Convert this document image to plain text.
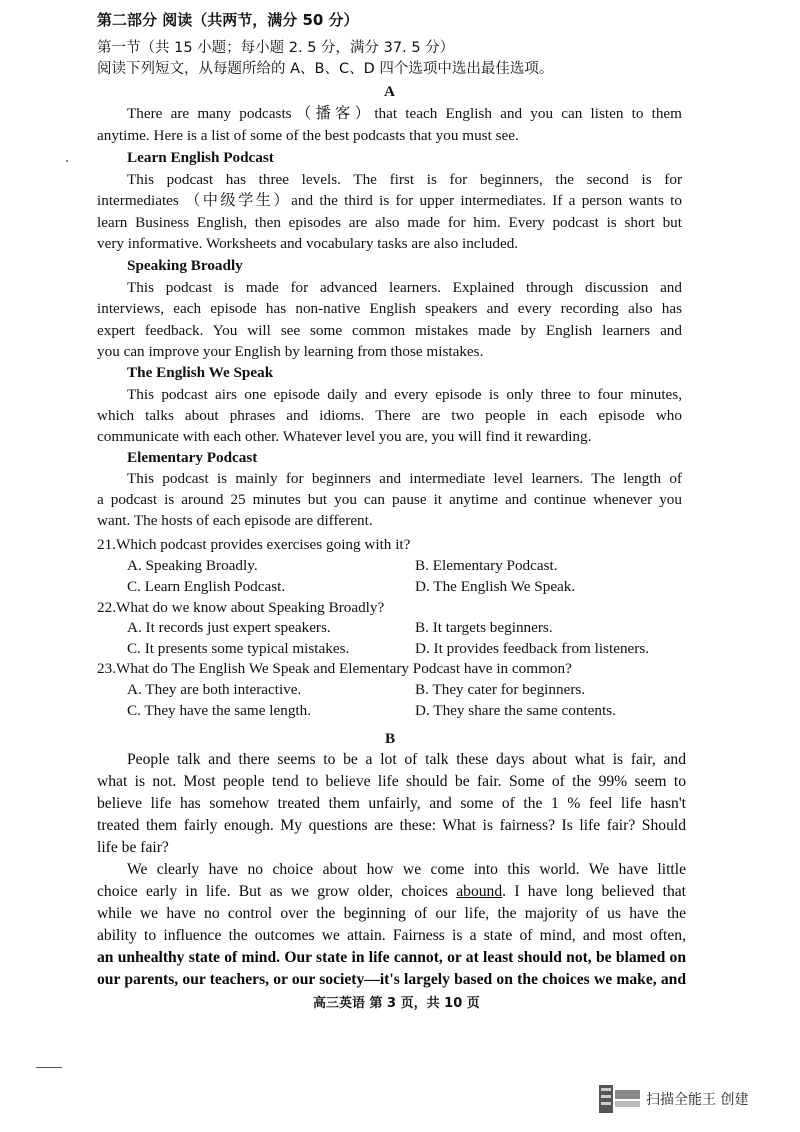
第二部分 阅读（共两节，满分 50 分）
第一节（共 15 小题；每小题 2. 5 分，满分 37. 5 分）
阅读下列短文，从每题所给的 A、B、C、D 四个选项中选出最佳选项。
A
There are many podcasts（播客）that teach English and you can listen to them
anytime. Here is a list of some of the best podcasts that you must see.
Learn English Podcast
This podcast has three levels. The first is for beginners, the second is for
intermediates （中级学生）and the third is for upper intermediates. If a person wants to
learn Business English, then episodes are also made for him. Every podcast is short but
very informative. Worksheets and vocabulary tasks are also included.
Speaking Broadly
This podcast is made for advanced learners. Explained through discussion and
interviews, each episode has non-native English speakers and every recording also has
expert feedback. You will see some common mistakes made by English learners and
you can improve your English by learning from those mistakes.
The English We Speak
This podcast airs one episode daily and every episode is only three to four minutes,
which talks about phrases and idioms. There are two people in each episode who
communicate with each other. Whatever level you are, you will find it rewarding.
Elementary Podcast
This podcast is mainly for beginners and intermediate level learners. The length of
a podcast is around 25 minutes but you can pause it anytime and continue whenever you
want. The hosts of each episode are different.
21.Which podcast provides exercises going with it?
A. Speaking Broadly.	B. Elementary Podcast.
C. Learn English Podcast.	D. The English We Speak.
22.What do we know about Speaking Broadly?
A. It records just expert speakers.	B. It targets beginners.
C. It presents some typical mistakes.	D. It provides feedback from listeners.
23.What do The English We Speak and Elementary Podcast have in common?
A. They are both interactive.	B. They cater for beginners.
C. They have the same length.	D. They share the same contents.
B
People talk and there seems to be a lot of talk these days about what is fair, and
what is not. Most people tend to believe life should be fair. Some of the 99% seem to
believe life has somehow treated them unfairly, and some of the 1 % feel life hasn't
treated them fairly enough. My questions are these: What is fairness? Is life fair? Should
life be fair?
We clearly have no choice about how we come into this world. We have little
choice early in life. But as we grow older, choices abound. I have long believed that
while we have no control over the beginning of our life, the majority of us have the
ability to influence the outcomes we attain. Fairness is a state of mind, and most often,
an unhealthy state of mind. Our state in life cannot, or at least should not, be blamed on
our parents, our teachers, or our society—it's largely based on the choices we make, and
高三英语 第 3 页，共 10 页
扫描全能王 创建
